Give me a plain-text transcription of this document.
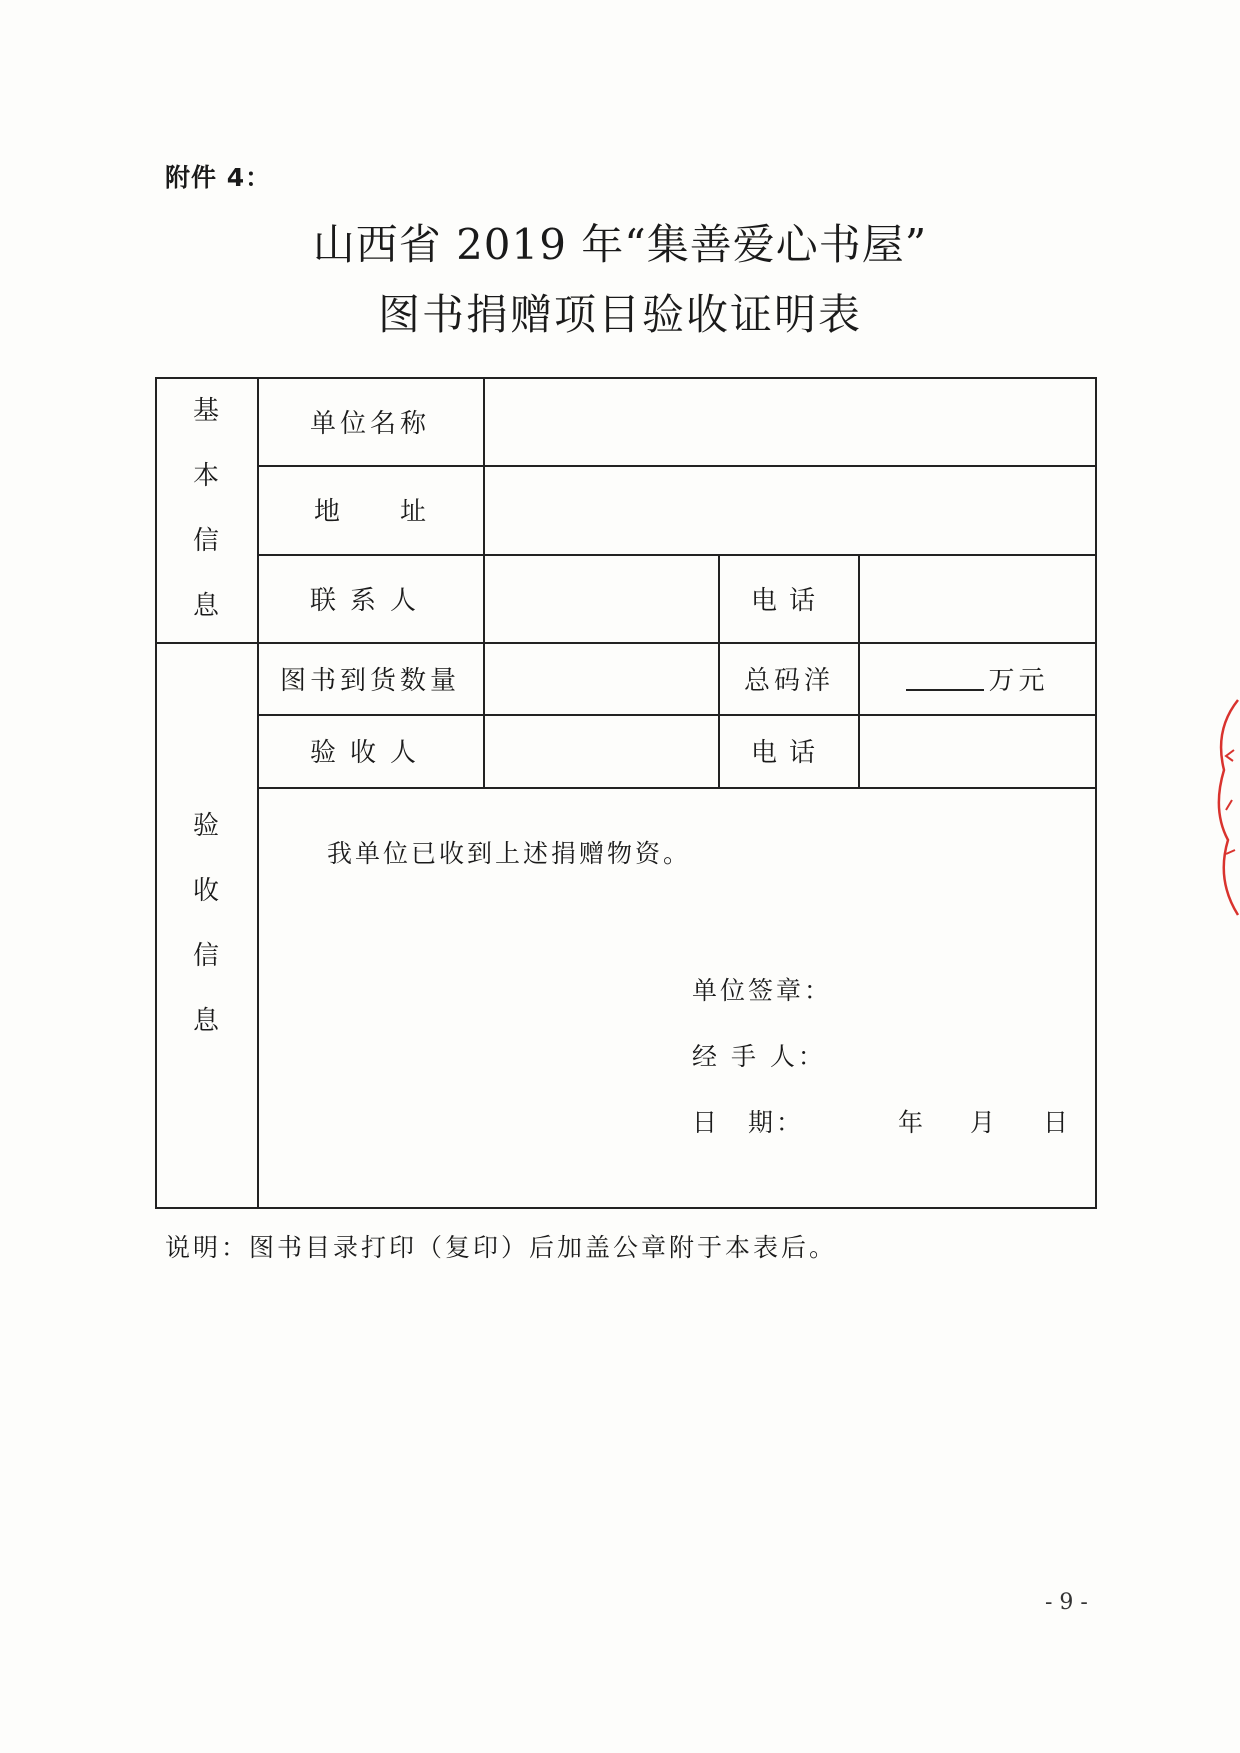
附件 4：
山西省 2019 年“集善爱心书屋”
图书捐赠项目验收证明表
基
本
信
息
验
收
信
息
单位名称
地址
联系人	电话
图书到货数量	总码洋	万元
验收人	电话
我单位已收到上述捐赠物资。
单位签章：
经 手 人：
日　期：	年 月 日
说明：图书目录打印（复印）后加盖公章附于本表后。
- 9 -
